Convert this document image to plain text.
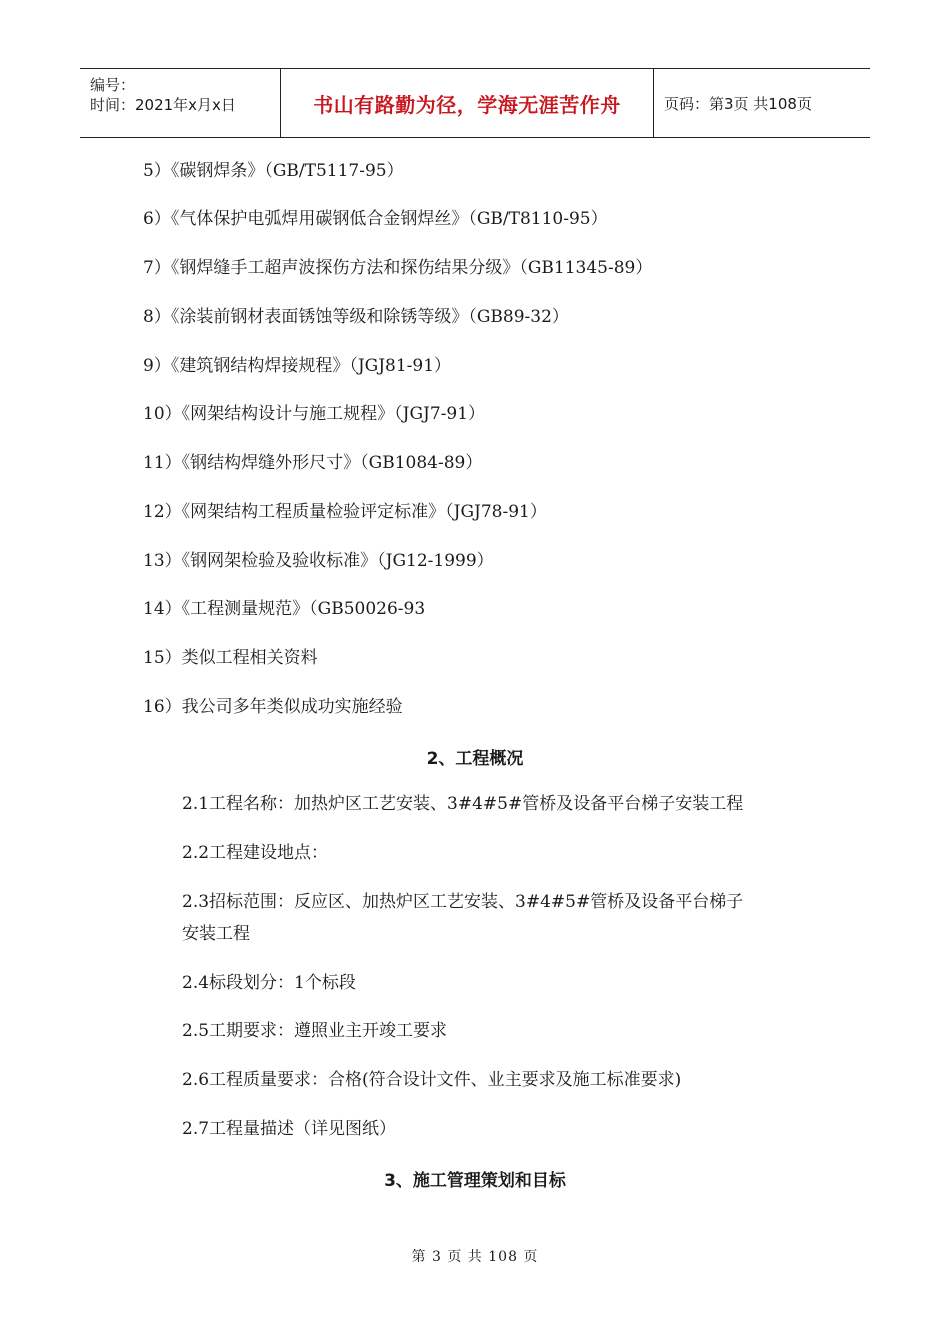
编号：
时间：2021年x月x日	书山有路勤为径，学海无涯苦作舟	页码：第3页 共108页
5）《碳钢焊条》（GB/T5117-95）
6）《气体保护电弧焊用碳钢低合金钢焊丝》（GB/T8110-95）
7）《钢焊缝手工超声波探伤方法和探伤结果分级》（GB11345-89）
8）《涂装前钢材表面锈蚀等级和除锈等级》（GB89-32）
9）《建筑钢结构焊接规程》（JGJ81-91）
10）《网架结构设计与施工规程》（JGJ7-91）
11）《钢结构焊缝外形尺寸》（GB1084-89）
12）《网架结构工程质量检验评定标准》（JGJ78-91）
13）《钢网架检验及验收标准》（JG12-1999）
14）《工程测量规范》（GB50026-93
15）类似工程相关资料
16）我公司多年类似成功实施经验
2、工程概况
2.1工程名称：加热炉区工艺安装、3#4#5#管桥及设备平台梯子安装工程
2.2工程建设地点：
2.3招标范围：反应区、加热炉区工艺安装、3#4#5#管桥及设备平台梯子
安装工程
2.4标段划分：1个标段
2.5工期要求：遵照业主开竣工要求
2.6工程质量要求：合格(符合设计文件、业主要求及施工标准要求)
2.7工程量描述（详见图纸）
3、施工管理策划和目标
第 3 页 共 108 页
